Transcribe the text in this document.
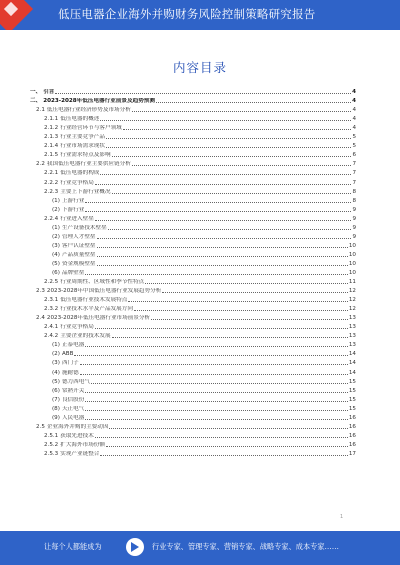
低压电器企业海外并购财务风险控制策略研究报告
内容目录
一、 引言	4
二、 2023-2028年低压电器行业前景及趋势预测	4
2.1 低压电器行业经济形势及市场分析	4
2.1.1 低压电器的概述	4
2.1.2 行业经营环节与客户领域	4
2.1.3 行业主要竞争产品	5
2.1.4 行业市场需求现状	5
2.1.5 行业需求特点及影响	6
2.2 我国低压电器行业主要供应链分析	7
2.2.1 低压电器的构成	7
2.2.2 行业竞争格局	7
2.2.3 主要上下游行业概况	8
(1) 上游行业	8
(2) 下游行业	9
2.2.4 行业进入壁垒	9
(1) 生产设备技术壁垒	9
(2) 管理人才壁垒	9
(3) 客户认证壁垒	10
(4) 产品质量壁垒	10
(5) 资金规模壁垒	10
(6) 品牌壁垒	10
2.2.5 行业周期性、区域性和季节性特点	11
2.3 2023-2028年中国低压电器行业发展趋势分析	12
2.3.1 低压电器行业技术发展特点	12
2.3.2 行业技术水平及产品发展方向	12
2.4 2023-2028年低压电器行业市场前景分析	13
2.4.1 行业竞争格局	13
2.4.2 主要企业的技术发展	13
(1) 正泰电器	13
(2) ABB	14
(3) 西门子	14
(4) 施耐德	14
(5) 德力西电气	15
(6) 常熟开关	15
(7) 良信股份	15
(8) 天正电气	15
(9) 人民电器	16
2.5 企业海外并购的主要动因	16
2.5.1 获取先进技术	16
2.5.2 扩大海外市场份额	16
2.5.3 实现产业链整合	17
1
让每个人都能成为	行业专家、管理专家、营销专家、战略专家、成本专家……
